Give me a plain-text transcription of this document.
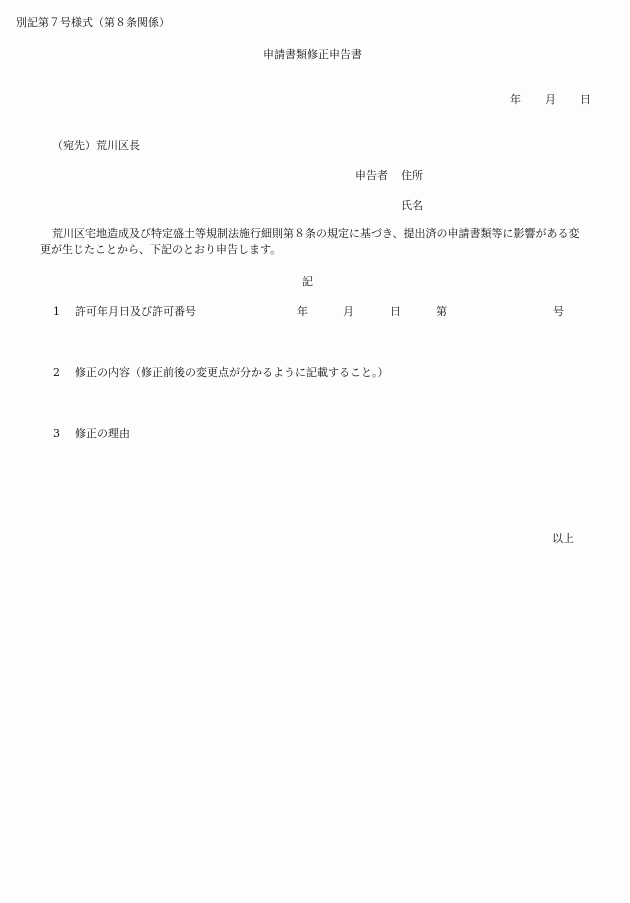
別記第７号様式（第８条関係）
申請書類修正申告書
年 月 日
（宛先）荒川区長
申告者 住所
氏名
荒川区宅地造成及び特定盛土等規制法施行細則第８条の規定に基づき、提出済の申請書類等に影響がある変更が生じたことから、下記のとおり申告します。
記
1 許可年月日及び許可番号	年	月	日	第	号
2 修正の内容（修正前後の変更点が分かるように記載すること。）
3 修正の理由
以上
